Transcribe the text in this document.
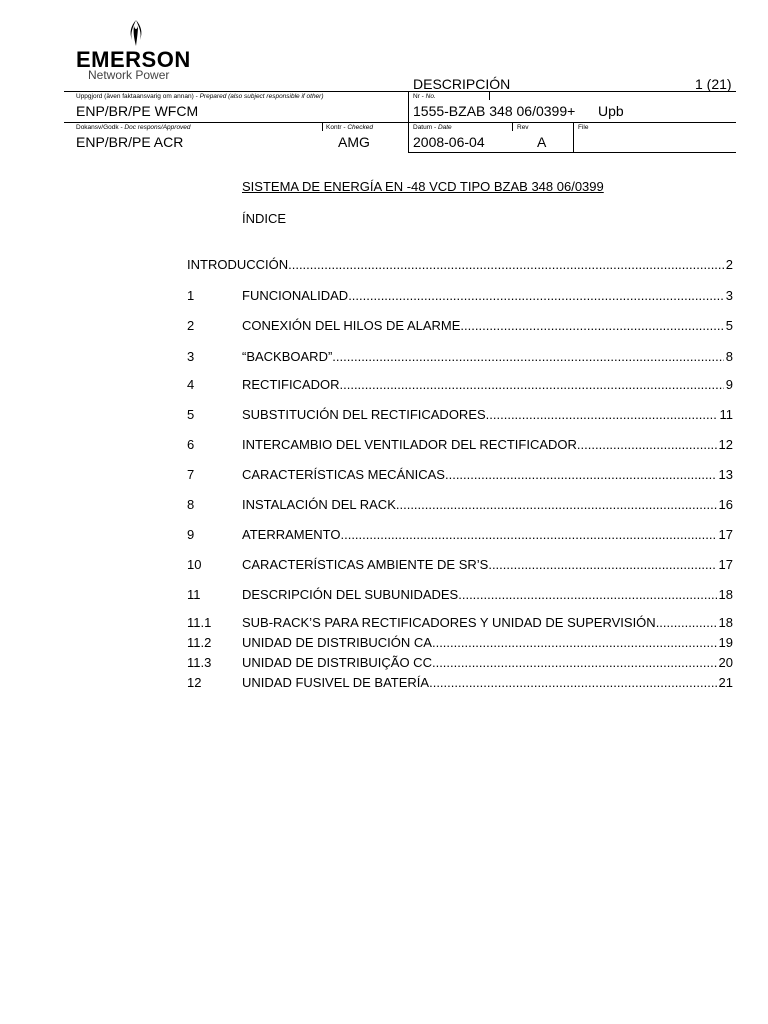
EMERSON
Network Power
DESCRIPCIÓN	1 (21)
Uppgjord (även faktaansvarig om annan) - Prepared (also subject responsible if other)	Nr - No.
ENP/BR/PE WFCM	1555-BZAB 348 06/0399+ Upb
Dokansv/Godk - Doc respons/Approved	Kontr - Checked	Datum - Date	Rev	File
ENP/BR/PE ACR	AMG	2008-06-04	A
SISTEMA DE ENERGÍA EN -48 VCD TIPO BZAB 348 06/0399
ÍNDICE
INTRODUCCIÓN .....	2
1	FUNCIONALIDAD .....	3
2	CONEXIÓN DEL HILOS DE ALARME .....	5
3	“BACKBOARD” .....	8
4	RECTIFICADOR .....	9
5	SUBSTITUCIÓN DEL RECTIFICADORES .....	11
6	INTERCAMBIO DEL VENTILADOR DEL RECTIFICADOR .....	12
7	CARACTERÍSTICAS MECÁNICAS .....	13
8	INSTALACIÓN DEL RACK .....	16
9	ATERRAMENTO .....	17
10	CARACTERÍSTICAS AMBIENTE DE SR’S .....	17
11	DESCRIPCIÓN DEL SUBUNIDADES .....	18
11.1	SUB-RACK’S PARA RECTIFICADORES Y UNIDAD DE SUPERVISIÓN .....	18
11.2	UNIDAD DE DISTRIBUCIÓN CA .....	19
11.3	UNIDAD DE DISTRIBUIÇÃO CC .....	20
12	UNIDAD FUSIVEL DE BATERÍA .....	21
